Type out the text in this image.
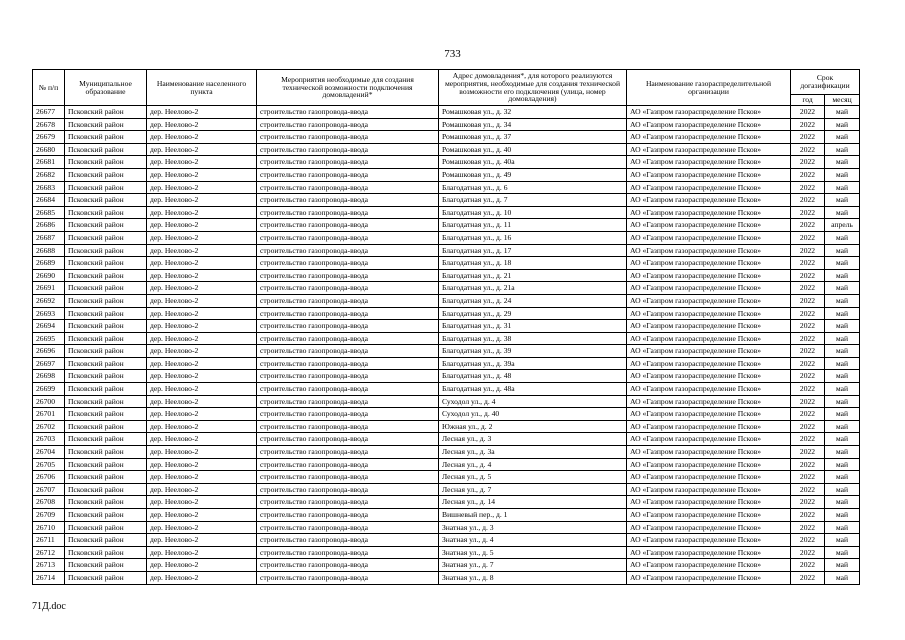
733
№ п/п	Муниципальное образование	Наименование населенного пункта	Мероприятия необходимые для создания технической возможности подключения домовладений*	Адрес домовладения*, для которого реализуются мероприятия, необходимые для создания технической возможности его подключения (улица, номер домовладения)	Наименование газораспределительной организации	Срок догазификации	
						год	месяц
26677	Псковский район	дер. Неелово-2	строительство газопровода-ввода	Ромашковая ул., д. 32	АО «Газпром газораспределение Псков»	2022	май
26678	Псковский район	дер. Неелово-2	строительство газопровода-ввода	Ромашковая ул., д. 34	АО «Газпром газораспределение Псков»	2022	май
26679	Псковский район	дер. Неелово-2	строительство газопровода-ввода	Ромашковая ул., д. 37	АО «Газпром газораспределение Псков»	2022	май
26680	Псковский район	дер. Неелово-2	строительство газопровода-ввода	Ромашковая ул., д. 40	АО «Газпром газораспределение Псков»	2022	май
26681	Псковский район	дер. Неелово-2	строительство газопровода-ввода	Ромашковая ул., д. 40а	АО «Газпром газораспределение Псков»	2022	май
26682	Псковский район	дер. Неелово-2	строительство газопровода-ввода	Ромашковая ул., д. 49	АО «Газпром газораспределение Псков»	2022	май
26683	Псковский район	дер. Неелово-2	строительство газопровода-ввода	Благодатная ул., д. 6	АО «Газпром газораспределение Псков»	2022	май
26684	Псковский район	дер. Неелово-2	строительство газопровода-ввода	Благодатная ул., д. 7	АО «Газпром газораспределение Псков»	2022	май
26685	Псковский район	дер. Неелово-2	строительство газопровода-ввода	Благодатная ул., д. 10	АО «Газпром газораспределение Псков»	2022	май
26686	Псковский район	дер. Неелово-2	строительство газопровода-ввода	Благодатная ул., д. 11	АО «Газпром газораспределение Псков»	2022	апрель
26687	Псковский район	дер. Неелово-2	строительство газопровода-ввода	Благодатная ул., д. 16	АО «Газпром газораспределение Псков»	2022	май
26688	Псковский район	дер. Неелово-2	строительство газопровода-ввода	Благодатная ул., д. 17	АО «Газпром газораспределение Псков»	2022	май
26689	Псковский район	дер. Неелово-2	строительство газопровода-ввода	Благодатная ул., д. 18	АО «Газпром газораспределение Псков»	2022	май
26690	Псковский район	дер. Неелово-2	строительство газопровода-ввода	Благодатная ул., д. 21	АО «Газпром газораспределение Псков»	2022	май
26691	Псковский район	дер. Неелово-2	строительство газопровода-ввода	Благодатная ул., д. 21а	АО «Газпром газораспределение Псков»	2022	май
26692	Псковский район	дер. Неелово-2	строительство газопровода-ввода	Благодатная ул., д. 24	АО «Газпром газораспределение Псков»	2022	май
26693	Псковский район	дер. Неелово-2	строительство газопровода-ввода	Благодатная ул., д. 29	АО «Газпром газораспределение Псков»	2022	май
26694	Псковский район	дер. Неелово-2	строительство газопровода-ввода	Благодатная ул., д. 31	АО «Газпром газораспределение Псков»	2022	май
26695	Псковский район	дер. Неелово-2	строительство газопровода-ввода	Благодатная ул., д. 38	АО «Газпром газораспределение Псков»	2022	май
26696	Псковский район	дер. Неелово-2	строительство газопровода-ввода	Благодатная ул., д. 39	АО «Газпром газораспределение Псков»	2022	май
26697	Псковский район	дер. Неелово-2	строительство газопровода-ввода	Благодатная ул., д. 39а	АО «Газпром газораспределение Псков»	2022	май
26698	Псковский район	дер. Неелово-2	строительство газопровода-ввода	Благодатная ул., д. 48	АО «Газпром газораспределение Псков»	2022	май
26699	Псковский район	дер. Неелово-2	строительство газопровода-ввода	Благодатная ул., д. 48а	АО «Газпром газораспределение Псков»	2022	май
26700	Псковский район	дер. Неелово-2	строительство газопровода-ввода	Суходол ул., д. 4	АО «Газпром газораспределение Псков»	2022	май
26701	Псковский район	дер. Неелово-2	строительство газопровода-ввода	Суходол ул., д. 40	АО «Газпром газораспределение Псков»	2022	май
26702	Псковский район	дер. Неелово-2	строительство газопровода-ввода	Южная ул., д. 2	АО «Газпром газораспределение Псков»	2022	май
26703	Псковский район	дер. Неелово-2	строительство газопровода-ввода	Лесная ул., д. 3	АО «Газпром газораспределение Псков»	2022	май
26704	Псковский район	дер. Неелово-2	строительство газопровода-ввода	Лесная ул., д. 3а	АО «Газпром газораспределение Псков»	2022	май
26705	Псковский район	дер. Неелово-2	строительство газопровода-ввода	Лесная ул., д. 4	АО «Газпром газораспределение Псков»	2022	май
26706	Псковский район	дер. Неелово-2	строительство газопровода-ввода	Лесная ул., д. 5	АО «Газпром газораспределение Псков»	2022	май
26707	Псковский район	дер. Неелово-2	строительство газопровода-ввода	Лесная ул., д. 7	АО «Газпром газораспределение Псков»	2022	май
26708	Псковский район	дер. Неелово-2	строительство газопровода-ввода	Лесная ул., д. 14	АО «Газпром газораспределение Псков»	2022	май
26709	Псковский район	дер. Неелово-2	строительство газопровода-ввода	Вишневый пер., д. 1	АО «Газпром газораспределение Псков»	2022	май
26710	Псковский район	дер. Неелово-2	строительство газопровода-ввода	Знатная ул., д. 3	АО «Газпром газораспределение Псков»	2022	май
26711	Псковский район	дер. Неелово-2	строительство газопровода-ввода	Знатная ул., д. 4	АО «Газпром газораспределение Псков»	2022	май
26712	Псковский район	дер. Неелово-2	строительство газопровода-ввода	Знатная ул., д. 5	АО «Газпром газораспределение Псков»	2022	май
26713	Псковский район	дер. Неелово-2	строительство газопровода-ввода	Знатная ул., д. 7	АО «Газпром газораспределение Псков»	2022	май
26714	Псковский район	дер. Неелово-2	строительство газопровода-ввода	Знатная ул., д. 8	АО «Газпром газораспределение Псков»	2022	май
71Д.doc
